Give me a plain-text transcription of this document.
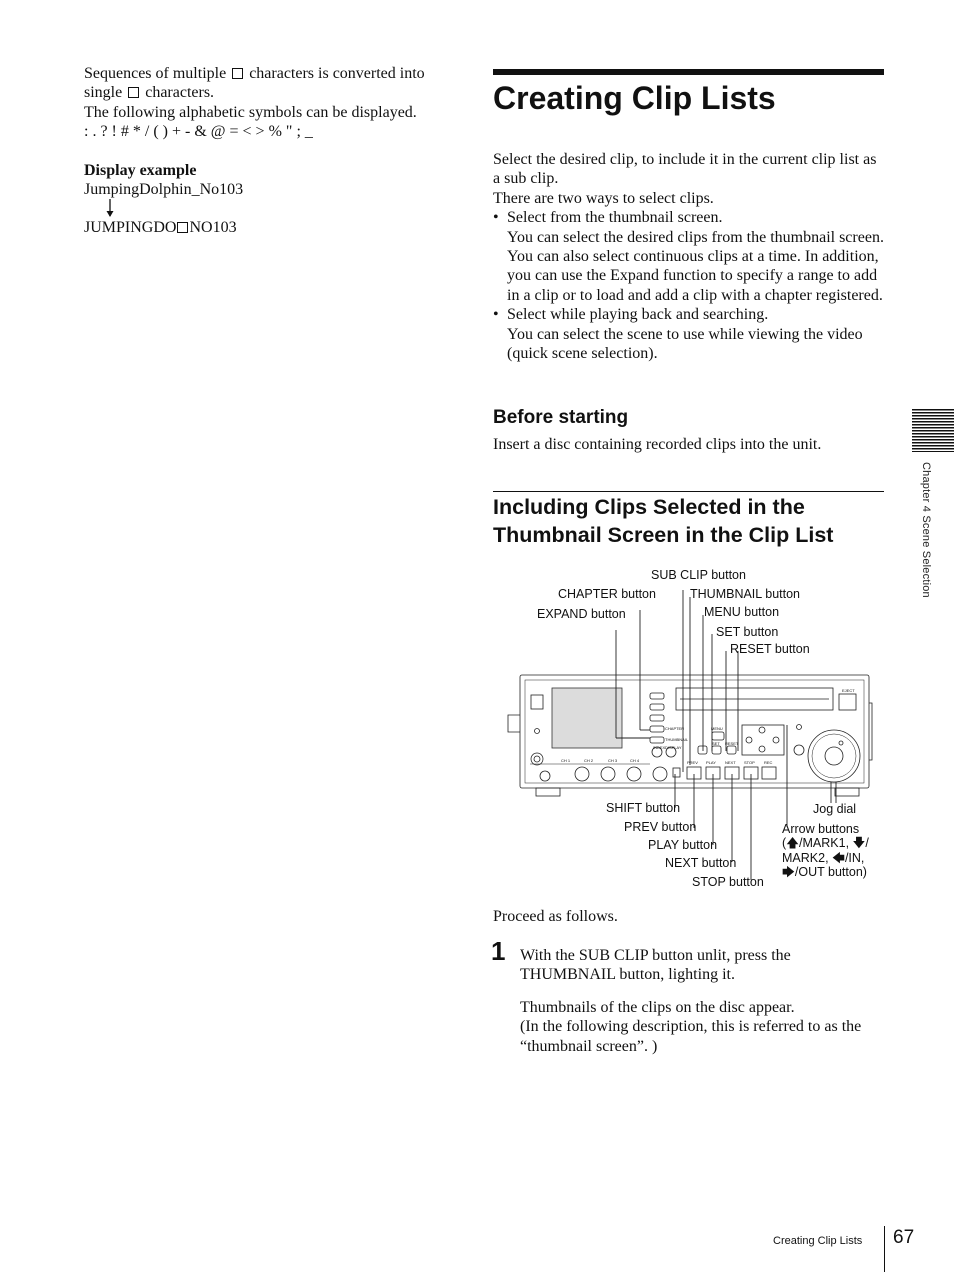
Sequences of multiple characters is converted into single characters.

The following alphabetic symbols can be displayed.

: . ? ! # * / ( ) + - & @ = < > % " ; _

Display example

JumpingDolphin_No103

JUMPINGDO NO103

Creating Clip Lists

Select the desired clip, to include it in the current clip list as a sub clip.

There are two ways to select clips.

• Select from the thumbnail screen.
You can select the desired clips from the thumbnail screen. You can also select continuous clips at a time. In addition, you can use the Expand function to specify a range to add in a clip or to load and add a clip with a chapter registered.
• Select while playing back and searching.
You can select the scene to use while viewing the video (quick scene selection).
Before starting

Insert a disc containing recorded clips into the unit.

Including Clips Selected in the Thumbnail Screen in the Clip List
SUB CLIP button
CHAPTER button	THUMBNAIL button
EXPAND button	MENU button
SET button
RESET button
SHIFT button
PREV button
PLAY button
NEXT button
STOP button
Jog dial
Arrow buttons
(🡅/MARK1, 🡇/
MARK2, 🡄/IN,
🡆/OUT button)
CH 1	CH 2	CH 3	CH 4	PREV PLAY NEXT STOP REC
MENU
SET RESET
CHAPTER
THUMBNAIL
INDEX DISPLAY
EJECT

Proceed as follows.

1 With the SUB CLIP button unlit, press the THUMBNAIL button, lighting it.

Thumbnails of the clips on the disc appear.

(In the following description, this is referred to as the “thumbnail screen”. )

Chapter 4 Scene Selection
Creating Clip Lists 67
